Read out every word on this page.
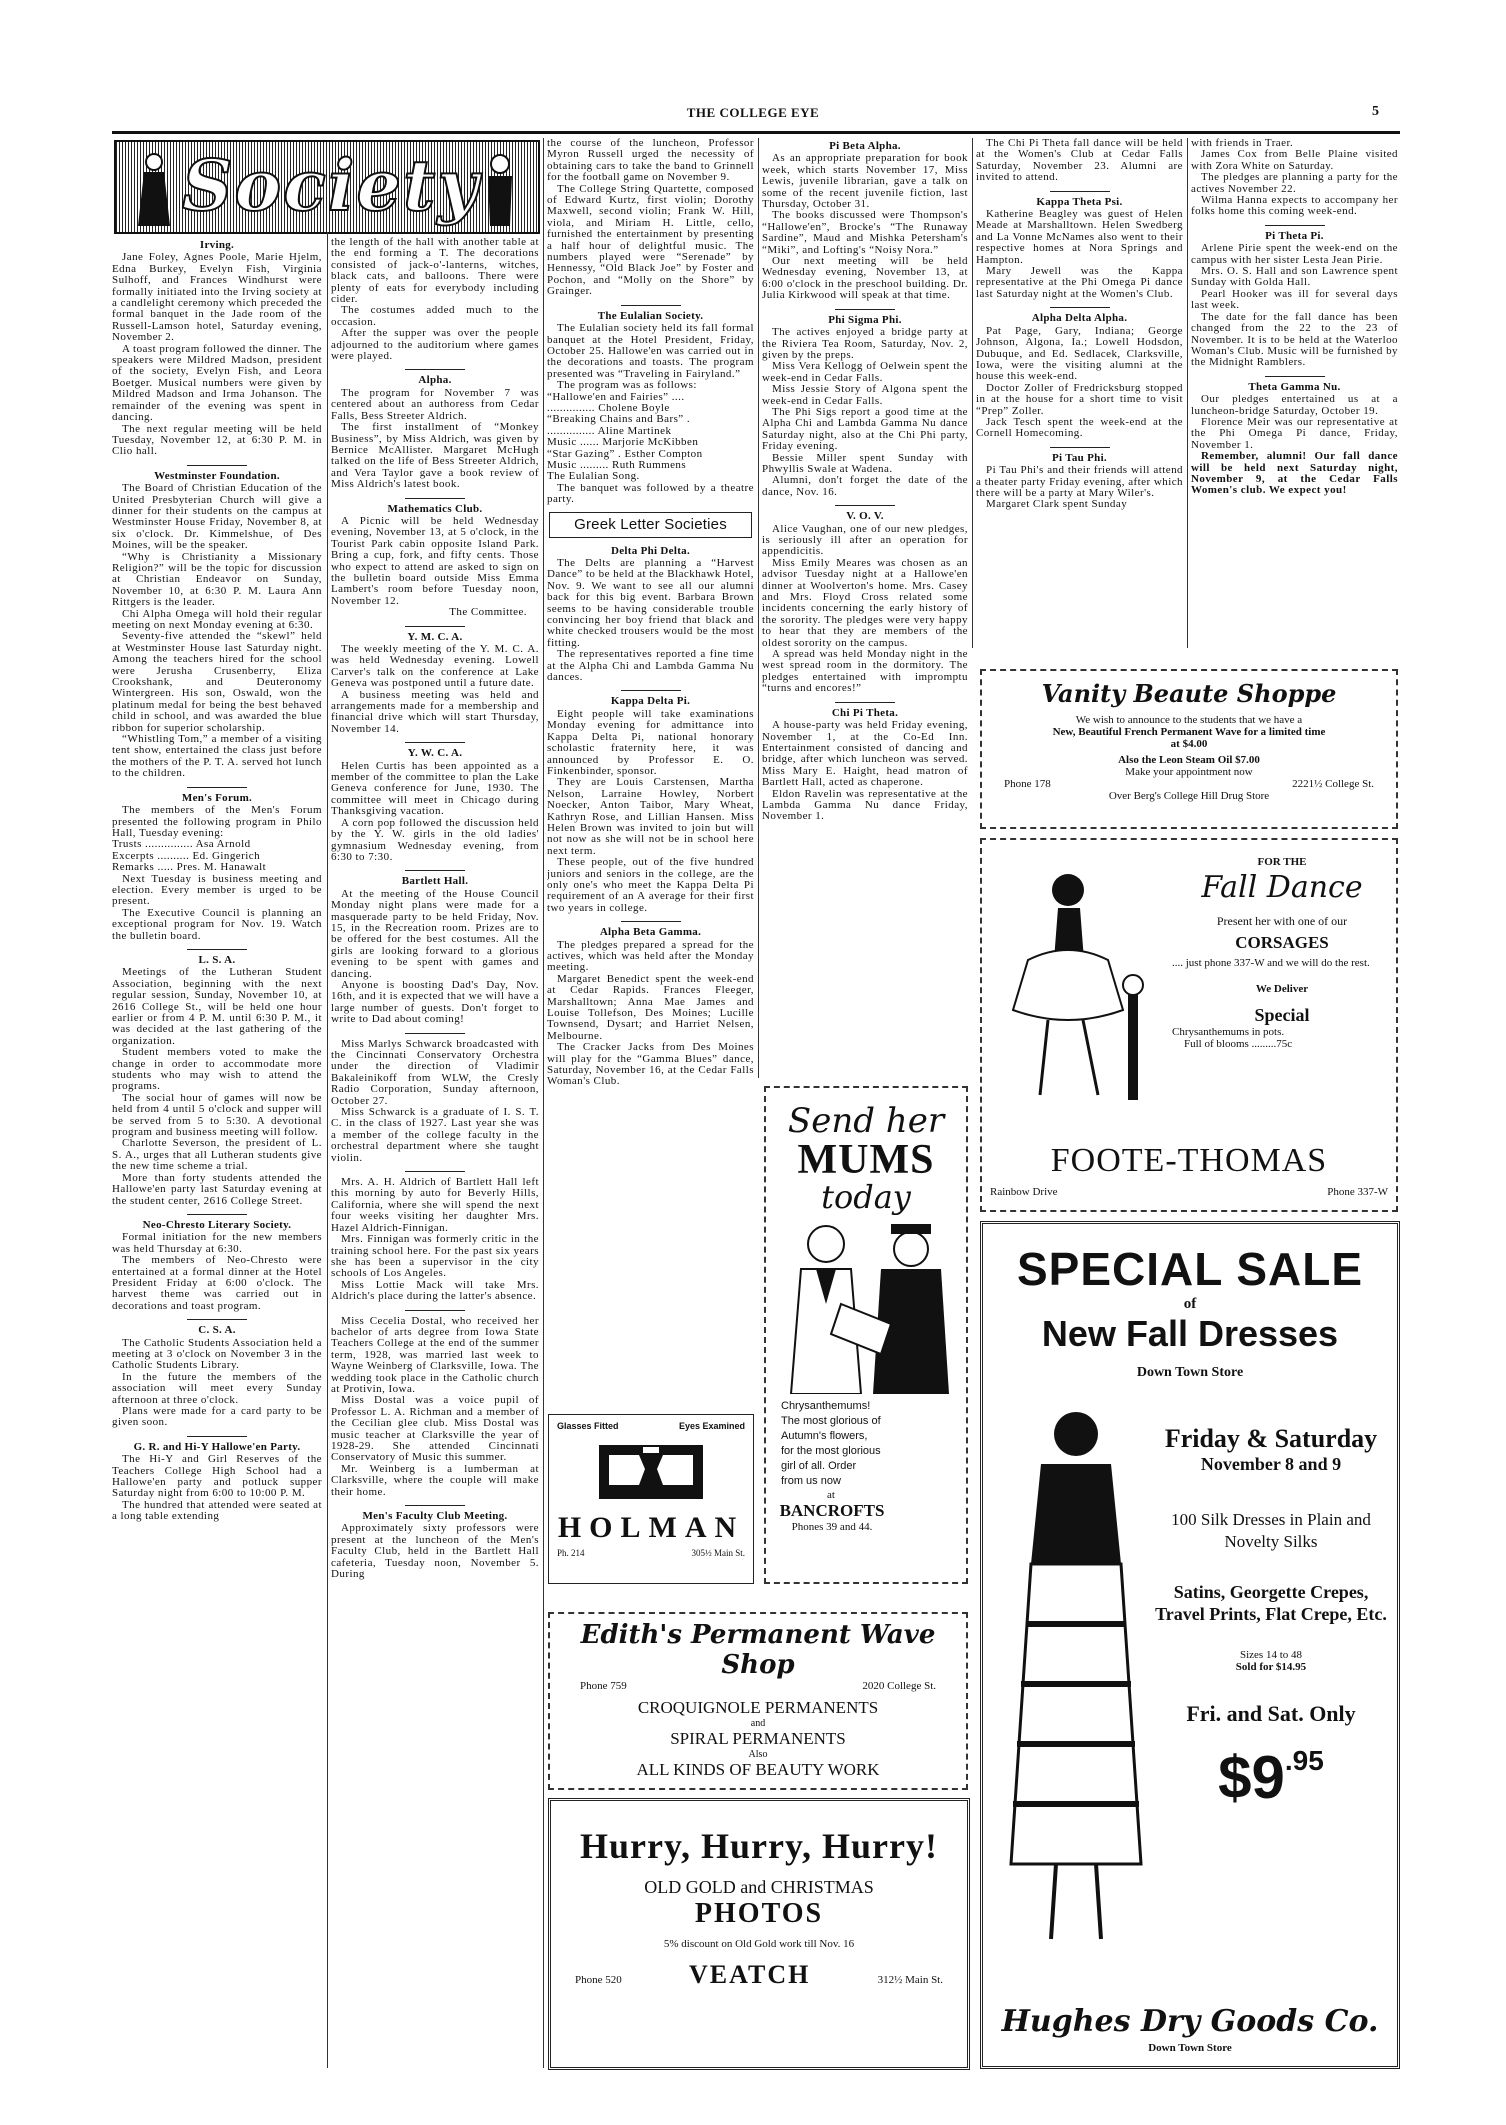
THE COLLEGE EYE	5
Society
Irving.

Jane Foley, Agnes Poole, Marie Hjelm, Edna Burkey, Evelyn Fish, Virginia Sulhoff, and Frances Windhurst were formally initiated into the Irving society at a candlelight ceremony which preceded the formal banquet in the Jade room of the Russell-Lamson hotel, Saturday evening, November 2.

A toast program followed the dinner. The speakers were Mildred Madson, president of the society, Evelyn Fish, and Leora Boetger. Musical numbers were given by Mildred Madson and Irma Johanson. The remainder of the evening was spent in dancing.

The next regular meeting will be held Tuesday, November 12, at 6:30 P. M. in Clio hall.

Westminster Foundation.

The Board of Christian Education of the United Presbyterian Church will give a dinner for their students on the campus at Westminster House Friday, November 8, at six o'clock. Dr. Kimmelshue, of Des Moines, will be the speaker.

“Why is Christianity a Missionary Religion?” will be the topic for discussion at Christian Endeavor on Sunday, November 10, at 6:30 P. M. Laura Ann Rittgers is the leader.

Chi Alpha Omega will hold their regular meeting on next Monday evening at 6:30.

Seventy-five attended the “skewl” held at Westminster House last Saturday night. Among the teachers hired for the school were Jerusha Crusenberry, Eliza Crookshank, and Deuteronomy Wintergreen. His son, Oswald, won the platinum medal for being the best behaved child in school, and was awarded the blue ribbon for superior scholarship.

“Whistling Tom,” a member of a visiting tent show, entertained the class just before the mothers of the P. T. A. served hot lunch to the children.

Men's Forum.

The members of the Men's Forum presented the following program in Philo Hall, Tuesday evening:

Trusts ............... Asa Arnold
Excerpts .......... Ed. Gingerich
Remarks ..... Pres. M. Hanawalt

Next Tuesday is business meeting and election. Every member is urged to be present.

The Executive Council is planning an exceptional program for Nov. 19. Watch the bulletin board.

L. S. A.

Meetings of the Lutheran Student Association, beginning with the next regular session, Sunday, November 10, at 2616 College St., will be held one hour earlier or from 4 P. M. until 6:30 P. M., it was decided at the last gathering of the organization.

Student members voted to make the change in order to accommodate more students who may wish to attend the programs.

The social hour of games will now be held from 4 until 5 o'clock and supper will be served from 5 to 5:30. A devotional program and business meeting will follow.

Charlotte Severson, the president of L. S. A., urges that all Lutheran students give the new time scheme a trial.

More than forty students attended the Hallowe'en party last Saturday evening at the student center, 2616 College Street.

Neo-Chresto Literary Society.

Formal initiation for the new members was held Thursday at 6:30.

The members of Neo-Chresto were entertained at a formal dinner at the Hotel President Friday at 6:00 o'clock. The harvest theme was carried out in decorations and toast program.

C. S. A.

The Catholic Students Association held a meeting at 3 o'clock on November 3 in the Catholic Students Library.

In the future the members of the association will meet every Sunday afternoon at three o'clock.

Plans were made for a card party to be given soon.

G. R. and Hi-Y Hallowe'en Party.

The Hi-Y and Girl Reserves of the Teachers College High School had a Hallowe'en party and potluck supper Saturday night from 6:00 to 10:00 P. M.

The hundred that attended were seated at a long table extending

the length of the hall with another table at the end forming a T. The decorations consisted of jack-o'-lanterns, witches, black cats, and balloons. There were plenty of eats for everybody including cider.

The costumes added much to the occasion.

After the supper was over the people adjourned to the auditorium where games were played.

Alpha.

The program for November 7 was centered about an authoress from Cedar Falls, Bess Streeter Aldrich.

The first installment of “Monkey Business”, by Miss Aldrich, was given by Bernice McAllister. Margaret McHugh talked on the life of Bess Streeter Aldrich, and Vera Taylor gave a book review of Miss Aldrich's latest book.

Mathematics Club.

A Picnic will be held Wednesday evening, November 13, at 5 o'clock, in the Tourist Park cabin opposite Island Park. Bring a cup, fork, and fifty cents. Those who expect to attend are asked to sign on the bulletin board outside Miss Emma Lambert's room before Tuesday noon, November 12.

The Committee.
Y. M. C. A.

The weekly meeting of the Y. M. C. A. was held Wednesday evening. Lowell Carver's talk on the conference at Lake Geneva was postponed until a future date.

A business meeting was held and arrangements made for a membership and financial drive which will start Thursday, November 14.

Y. W. C. A.

Helen Curtis has been appointed as a member of the committee to plan the Lake Geneva conference for June, 1930. The committee will meet in Chicago during Thanksgiving vacation.

A corn pop followed the discussion held by the Y. W. girls in the old ladies' gymnasium Wednesday evening, from 6:30 to 7:30.

Bartlett Hall.

At the meeting of the House Council Monday night plans were made for a masquerade party to be held Friday, Nov. 15, in the Recreation room. Prizes are to be offered for the best costumes. All the girls are looking forward to a glorious evening to be spent with games and dancing.

Anyone is boosting Dad's Day, Nov. 16th, and it is expected that we will have a large number of guests. Don't forget to write to Dad about coming!

Miss Marlys Schwarck broadcasted with the Cincinnati Conservatory Orchestra under the direction of Vladimir Bakaleinikoff from WLW, the Cresly Radio Corporation, Sunday afternoon, October 27.

Miss Schwarck is a graduate of I. S. T. C. in the class of 1927. Last year she was a member of the college faculty in the orchestral department where she taught violin.

Mrs. A. H. Aldrich of Bartlett Hall left this morning by auto for Beverly Hills, California, where she will spend the next four weeks visiting her daughter Mrs. Hazel Aldrich-Finnigan.

Mrs. Finnigan was formerly critic in the training school here. For the past six years she has been a supervisor in the city schools of Los Angeles.

Miss Lottie Mack will take Mrs. Aldrich's place during the latter's absence.

Miss Cecelia Dostal, who received her bachelor of arts degree from Iowa State Teachers College at the end of the summer term, 1928, was married last week to Wayne Weinberg of Clarksville, Iowa. The wedding took place in the Catholic church at Protivin, Iowa.

Miss Dostal was a voice pupil of Professor L. A. Richman and a member of the Cecilian glee club. Miss Dostal was music teacher at Clarksville the year of 1928-29. She attended Cincinnati Conservatory of Music this summer.

Mr. Weinberg is a lumberman at Clarksville, where the couple will make their home.

Men's Faculty Club Meeting.

Approximately sixty professors were present at the luncheon of the Men's Faculty Club, held in the Bartlett Hall cafeteria, Tuesday noon, November 5. During

the course of the luncheon, Professor Myron Russell urged the necessity of obtaining cars to take the band to Grinnell for the football game on November 9.

The College String Quartette, composed of Edward Kurtz, first violin; Dorothy Maxwell, second violin; Frank W. Hill, viola, and Miriam H. Little, cello, furnished the entertainment by presenting a half hour of delightful music. The numbers played were “Serenade” by Hennessy, “Old Black Joe” by Foster and Pochon, and “Molly on the Shore” by Grainger.

The Eulalian Society.

The Eulalian society held its fall formal banquet at the Hotel President, Friday, October 25. Hallowe'en was carried out in the decorations and toasts. The program presented was “Traveling in Fairyland.”

The program was as follows:

“Hallowe'en and Fairies” ....
............... Cholene Boyle
“Breaking Chains and Bars” .
............... Aline Martinek
Music ...... Marjorie McKibben
“Star Gazing” . Esther Compton
Music ......... Ruth Rummens
The Eulalian Song.

The banquet was followed by a theatre party.

Greek Letter Societies
Delta Phi Delta.

The Delts are planning a “Harvest Dance” to be held at the Blackhawk Hotel, Nov. 9. We want to see all our alumni back for this big event. Barbara Brown seems to be having considerable trouble convincing her boy friend that black and white checked trousers would be the most fitting.

The representatives reported a fine time at the Alpha Chi and Lambda Gamma Nu dances.

Kappa Delta Pi.

Eight people will take examinations Monday evening for admittance into Kappa Delta Pi, national honorary scholastic fraternity here, it was announced by Professor E. O. Finkenbinder, sponsor.

They are Louis Carstensen, Martha Nelson, Larraine Howley, Norbert Noecker, Anton Taibor, Mary Wheat, Kathryn Rose, and Lillian Hansen. Miss Helen Brown was invited to join but will not now as she will not be in school here next term.

These people, out of the five hundred juniors and seniors in the college, are the only one's who meet the Kappa Delta Pi requirement of an A average for their first two years in college.

Alpha Beta Gamma.

The pledges prepared a spread for the actives, which was held after the Monday meeting.

Margaret Benedict spent the week-end at Cedar Rapids. Frances Fleeger, Marshalltown; Anna Mae James and Louise Tollefson, Des Moines; Lucille Townsend, Dysart; and Harriet Nelsen, Melbourne.

The Cracker Jacks from Des Moines will play for the “Gamma Blues” dance, Saturday, November 16, at the Cedar Falls Woman's Club.

Pi Beta Alpha.

As an appropriate preparation for book week, which starts November 17, Miss Lewis, juvenile librarian, gave a talk on some of the recent juvenile fiction, last Thursday, October 31.

The books discussed were Thompson's “Hallowe'en”, Brocke's “The Runaway Sardine”, Maud and Mishka Petersham's “Miki”, and Lofting's “Noisy Nora.”

Our next meeting will be held Wednesday evening, November 13, at 6:00 o'clock in the preschool building. Dr. Julia Kirkwood will speak at that time.

Phi Sigma Phi.

The actives enjoyed a bridge party at the Riviera Tea Room, Saturday, Nov. 2, given by the preps.

Miss Vera Kellogg of Oelwein spent the week-end in Cedar Falls.

Miss Jessie Story of Algona spent the week-end in Cedar Falls.

The Phi Sigs report a good time at the Alpha Chi and Lambda Gamma Nu dance Saturday night, also at the Chi Phi party, Friday evening.

Bessie Miller spent Sunday with Phwyllis Swale at Wadena.

Alumni, don't forget the date of the dance, Nov. 16.

V. O. V.

Alice Vaughan, one of our new pledges, is seriously ill after an operation for appendicitis.

Miss Emily Meares was chosen as an advisor Tuesday night at a Hallowe'en dinner at Woolverton's home. Mrs. Casey and Mrs. Floyd Cross related some incidents concerning the early history of the sorority. The pledges were very happy to hear that they are members of the oldest sorority on the campus.

A spread was held Monday night in the west spread room in the dormitory. The pledges entertained with impromptu “turns and encores!”

Chi Pi Theta.

A house-party was held Friday evening, November 1, at the Co-Ed Inn. Entertainment consisted of dancing and bridge, after which luncheon was served. Miss Mary E. Haight, head matron of Bartlett Hall, acted as chaperone.

Eldon Ravelin was representative at the Lambda Gamma Nu dance Friday, November 1.

The Chi Pi Theta fall dance will be held at the Women's Club at Cedar Falls Saturday, November 23. Alumni are invited to attend.

Kappa Theta Psi.

Katherine Beagley was guest of Helen Meade at Marshalltown. Helen Swedberg and La Vonne McNames also went to their respective homes at Nora Springs and Hampton.

Mary Jewell was the Kappa representative at the Phi Omega Pi dance last Saturday night at the Women's Club.

Alpha Delta Alpha.

Pat Page, Gary, Indiana; George Johnson, Algona, Ia.; Lowell Hodsdon, Dubuque, and Ed. Sedlacek, Clarksville, Iowa, were the visiting alumni at the house this week-end.

Doctor Zoller of Fredricksburg stopped in at the house for a short time to visit “Prep” Zoller.

Jack Tesch spent the week-end at the Cornell Homecoming.

Pi Tau Phi.

Pi Tau Phi's and their friends will attend a theater party Friday evening, after which there will be a party at Mary Wiler's.

Margaret Clark spent Sunday

with friends in Traer.

James Cox from Belle Plaine visited with Zora White on Saturday.

The pledges are planning a party for the actives November 22.

Wilma Hanna expects to accompany her folks home this coming week-end.

Pi Theta Pi.

Arlene Pirie spent the week-end on the campus with her sister Lesta Jean Pirie.

Mrs. O. S. Hall and son Lawrence spent Sunday with Golda Hall.

Pearl Hooker was ill for several days last week.

The date for the fall dance has been changed from the 22 to the 23 of November. It is to be held at the Waterloo Woman's Club. Music will be furnished by the Midnight Ramblers.

Theta Gamma Nu.

Our pledges entertained us at a luncheon-bridge Saturday, October 19.

Florence Meir was our representative at the Phi Omega Pi dance, Friday, November 1.

Remember, alumni! Our fall dance will be held next Saturday night, November 9, at the Cedar Falls Women's club. We expect you!

Glasses Fitted	Eyes Examined
HOLMAN
Ph. 214	305½ Main St.
Send her
MUMS
today
Chrysanthemums! The most glorious of Autumn's flowers, for the most glorious girl of all. Order from us now
at
BANCROFTS
Phones 39 and 44.
Edith's Permanent Wave Shop
Phone 759	2020 College St.
CROQUIGNOLE PERMANENTS
and
SPIRAL PERMANENTS
Also
ALL KINDS OF BEAUTY WORK
Hurry, Hurry, Hurry!
OLD GOLD and CHRISTMAS
PHOTOS
5% discount on Old Gold work till Nov. 16
Phone 520	VEATCH	312½ Main St.
Vanity Beaute Shoppe
We wish to announce to the students that we have a
New, Beautiful French Permanent Wave for a limited time
at $4.00
Also the Leon Steam Oil $7.00
Make your appointment now
Phone 178	2221½ College St.
Over Berg's College Hill Drug Store
FOR THE
Fall Dance
Present her with one of our
CORSAGES
.... just phone 337-W and we will do the rest.
We Deliver
Special
Chrysanthemums in pots.
Full of blooms .........75c
FOOTE-THOMAS
Rainbow Drive	Phone 337-W
SPECIAL SALE
of
New Fall Dresses
Down Town Store
Friday & Saturday
November 8 and 9
100 Silk Dresses in Plain and Novelty Silks
Satins, Georgette Crepes, Travel Prints, Flat Crepe, Etc.
Sizes 14 to 48
Sold for $14.95
Fri. and Sat. Only
$9.95
Hughes Dry Goods Co.
Down Town Store
